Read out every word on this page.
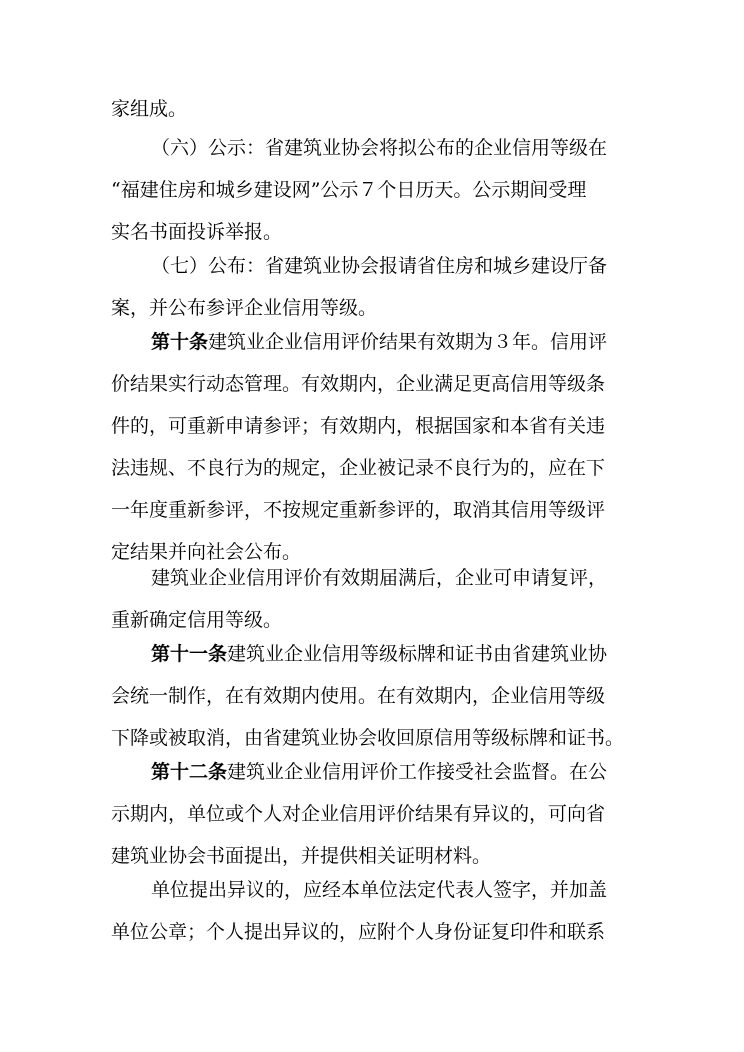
家组成。
（六）公示：省建筑业协会将拟公布的企业信用等级在
“福建住房和城乡建设网”公示７个日历天。公示期间受理
实名书面投诉举报。
（七）公布：省建筑业协会报请省住房和城乡建设厅备
案，并公布参评企业信用等级。
第十条建筑业企业信用评价结果有效期为３年。信用评
价结果实行动态管理。有效期内，企业满足更高信用等级条
件的，可重新申请参评；有效期内，根据国家和本省有关违
法违规、不良行为的规定，企业被记录不良行为的，应在下
一年度重新参评，不按规定重新参评的，取消其信用等级评
定结果并向社会公布。
建筑业企业信用评价有效期届满后，企业可申请复评，
重新确定信用等级。
第十一条建筑业企业信用等级标牌和证书由省建筑业协
会统一制作，在有效期内使用。在有效期内，企业信用等级
下降或被取消，由省建筑业协会收回原信用等级标牌和证书。
第十二条建筑业企业信用评价工作接受社会监督。在公
示期内，单位或个人对企业信用评价结果有异议的，可向省
建筑业协会书面提出，并提供相关证明材料。
单位提出异议的，应经本单位法定代表人签字，并加盖
单位公章；个人提出异议的，应附个人身份证复印件和联系
